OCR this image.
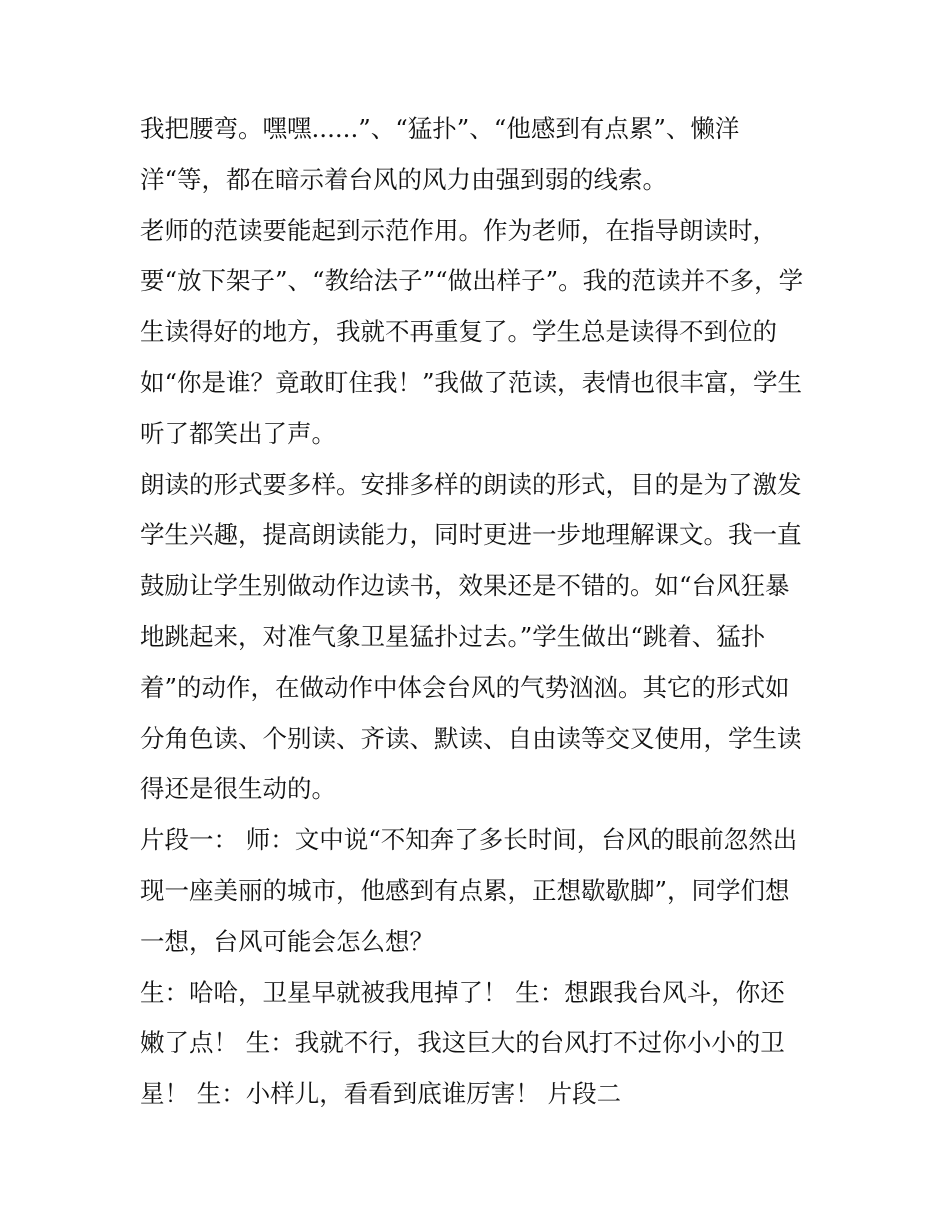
我把腰弯。嘿嘿......”、“猛扑”、“他感到有点累”、懒洋
洋“等，都在暗示着台风的风力由强到弱的线索。
老师的范读要能起到示范作用。作为老师，在指导朗读时，
要“放下架子”、“教给法子”“做出样子”。我的范读并不多，学
生读得好的地方，我就不再重复了。学生总是读得不到位的
如“你是谁？竟敢盯住我！”我做了范读，表情也很丰富，学生
听了都笑出了声。
朗读的形式要多样。安排多样的朗读的形式，目的是为了激发
学生兴趣，提高朗读能力，同时更进一步地理解课文。我一直
鼓励让学生别做动作边读书，效果还是不错的。如“台风狂暴
地跳起来，对准气象卫星猛扑过去。”学生做出“跳着、猛扑
着”的动作，在做动作中体会台风的气势汹汹。其它的形式如
分角色读、个别读、齐读、默读、自由读等交叉使用，学生读
得还是很生动的。
片段一： 师：文中说“不知奔了多长时间，台风的眼前忽然出
现一座美丽的城市，他感到有点累，正想歇歇脚”，同学们想
一想，台风可能会怎么想？
生：哈哈，卫星早就被我甩掉了！ 生：想跟我台风斗，你还
嫩了点！ 生：我就不行，我这巨大的台风打不过你小小的卫
星！ 生：小样儿，看看到底谁厉害！ 片段二
